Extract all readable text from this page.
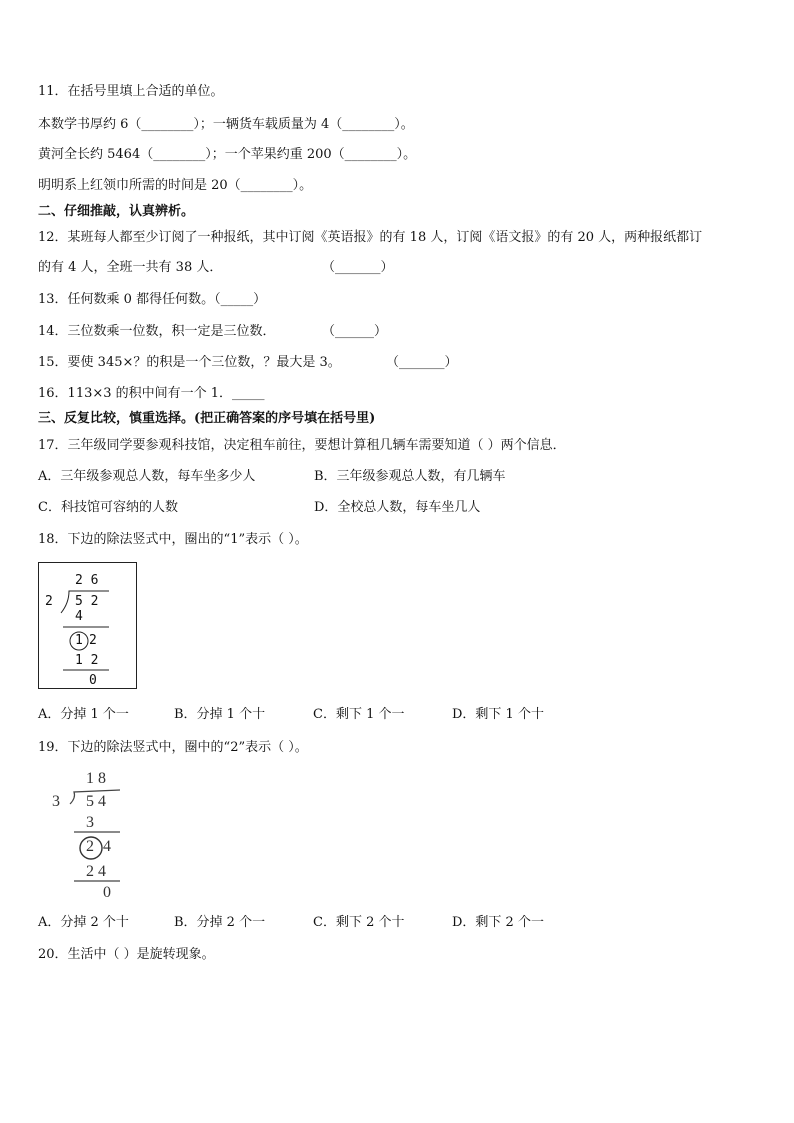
11．在括号里填上合适的单位。
本数学书厚约 6（________）；一辆货车载质量为 4（________）。
黄河全长约 5464（________）；一个苹果约重 200（________）。
明明系上红领巾所需的时间是 20（________）。
二、仔细推敲，认真辨析。
12．某班每人都至少订阅了一种报纸，其中订阅《英语报》的有 18 人，订阅《语文报》的有 20 人，两种报纸都订
的有 4 人，全班一共有 38 人．	（_______）
13．任何数乘 0 都得任何数。（_____）
14．三位数乘一位数，积一定是三位数．	（______）
15．要使 345×？的积是一个三位数，？最大是 3。	（_______）
16．113×3 的积中间有一个 1．_____
三、反复比较，慎重选择。(把正确答案的序号填在括号里)
17．三年级同学要参观科技馆，决定租车前往，要想计算租几辆车需要知道（ ）两个信息．
A．三年级参观总人数，每车坐多少人	B．三年级参观总人数，有几辆车
C．科技馆可容纳的人数	D．全校总人数，每车坐几人
18．下边的除法竖式中，圈出的“1”表示（ ）。
2 6
2 5 2
4
1 2
1 2
0
A．分掉 1 个一	B．分掉 1 个十	C．剩下 1 个一	D．剩下 1 个十
19．下边的除法竖式中，圈中的“2”表示（ ）。
1 8
3 5 4
3
2 4
2 4
0
A．分掉 2 个十	B．分掉 2 个一	C．剩下 2 个十	D．剩下 2 个一
20．生活中（ ）是旋转现象。
